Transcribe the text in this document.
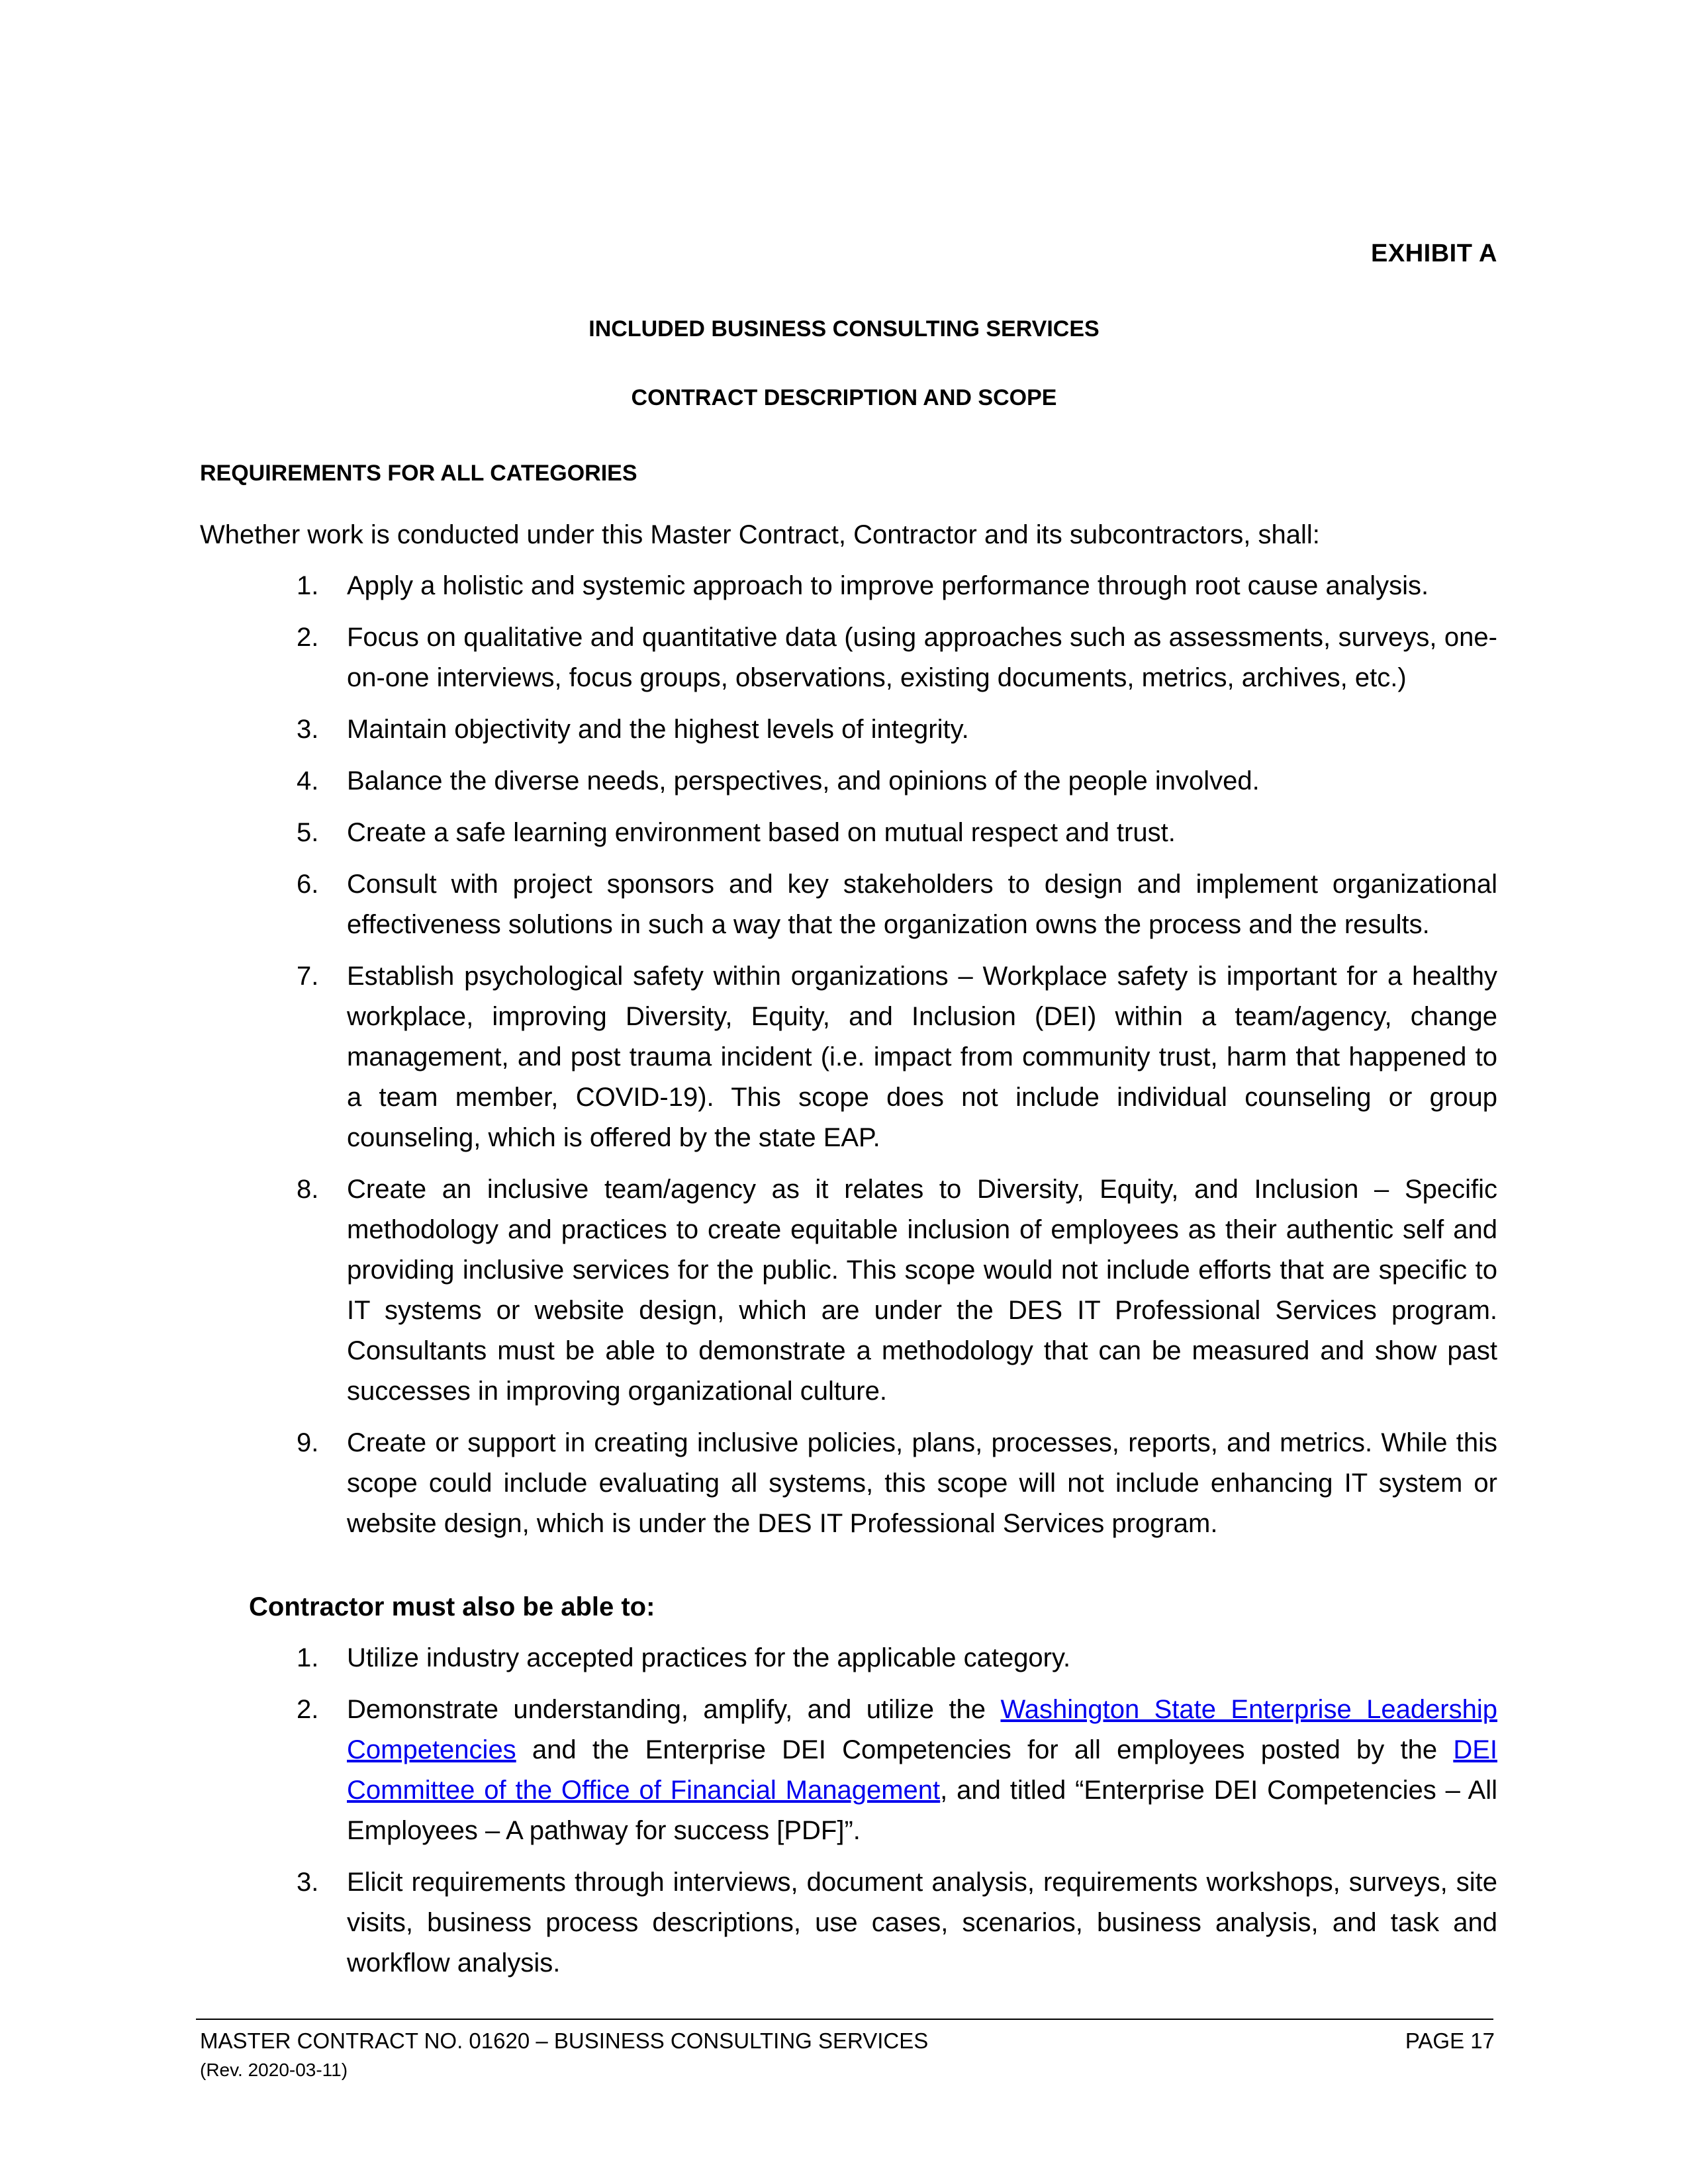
EXHIBIT A
INCLUDED BUSINESS CONSULTING SERVICES
CONTRACT DESCRIPTION AND SCOPE
REQUIREMENTS FOR ALL CATEGORIES
Whether work is conducted under this Master Contract, Contractor and its subcontractors, shall:
1. Apply a holistic and systemic approach to improve performance through root cause analysis.
2. Focus on qualitative and quantitative data (using approaches such as assessments, surveys, one-on-one interviews, focus groups, observations, existing documents, metrics, archives, etc.)
3. Maintain objectivity and the highest levels of integrity.
4. Balance the diverse needs, perspectives, and opinions of the people involved.
5. Create a safe learning environment based on mutual respect and trust.
6. Consult with project sponsors and key stakeholders to design and implement organizational effectiveness solutions in such a way that the organization owns the process and the results.
7. Establish psychological safety within organizations – Workplace safety is important for a healthy workplace, improving Diversity, Equity, and Inclusion (DEI) within a team/agency, change management, and post trauma incident (i.e. impact from community trust, harm that happened to a team member, COVID-19). This scope does not include individual counseling or group counseling, which is offered by the state EAP.
8. Create an inclusive team/agency as it relates to Diversity, Equity, and Inclusion – Specific methodology and practices to create equitable inclusion of employees as their authentic self and providing inclusive services for the public. This scope would not include efforts that are specific to IT systems or website design, which are under the DES IT Professional Services program. Consultants must be able to demonstrate a methodology that can be measured and show past successes in improving organizational culture.
9. Create or support in creating inclusive policies, plans, processes, reports, and metrics. While this scope could include evaluating all systems, this scope will not include enhancing IT system or website design, which is under the DES IT Professional Services program.
Contractor must also be able to:
1. Utilize industry accepted practices for the applicable category.
2. Demonstrate understanding, amplify, and utilize the Washington State Enterprise Leadership Competencies and the Enterprise DEI Competencies for all employees posted by the DEI Committee of the Office of Financial Management, and titled “Enterprise DEI Competencies – All Employees – A pathway for success [PDF]”.
3. Elicit requirements through interviews, document analysis, requirements workshops, surveys, site visits, business process descriptions, use cases, scenarios, business analysis, and task and workflow analysis.
MASTER CONTRACT NO. 01620 – BUSINESS CONSULTING SERVICES	PAGE 17
(Rev. 2020-03-11)
